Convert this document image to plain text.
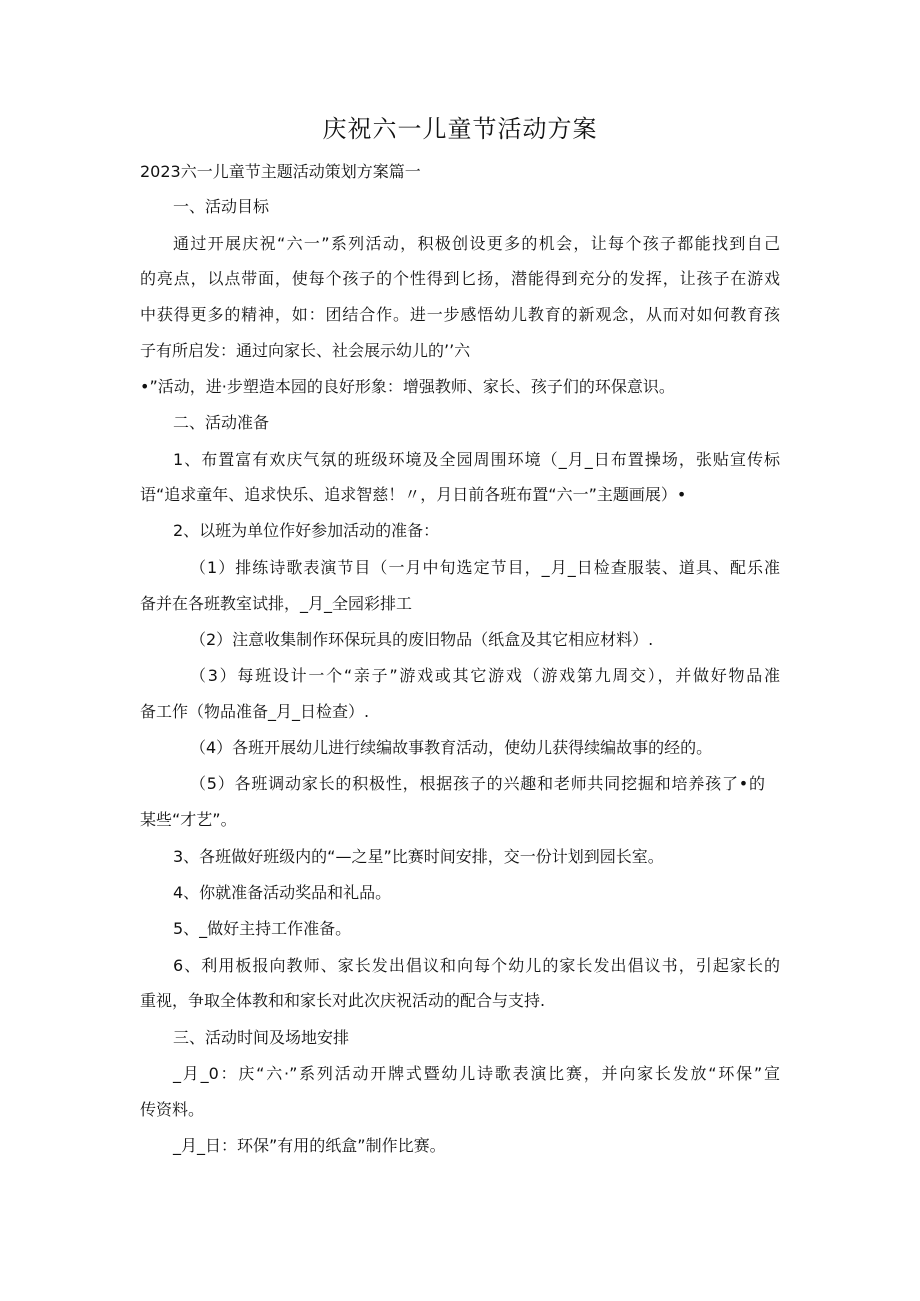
庆祝六一儿童节活动方案
2023六一儿童节主题活动策划方案篇一
一、活动目标
通过开展庆祝“六一”系列活动，积极创设更多的机会，让每个孩子都能找到自己
的亮点，以点带面，使每个孩子的个性得到匕扬，潜能得到充分的发挥，让孩子在游戏
中获得更多的精神，如：团结合作。进一步感悟幼儿教育的新观念，从而对如何教育孩
子有所启发：通过向家长、社会展示幼儿的’’六
•”活动，进·步塑造本园的良好形象：增强教师、家长、孩子们的环保意识。
二、活动准备
1、布置富有欢庆气氛的班级环境及全园周围环境（_月_日布置操场，张贴宣传标
语“追求童年、追求快乐、追求智慈！〃，月日前各班布置“六一”主题画展）•
2、以班为单位作好参加活动的准备：
（1）排练诗歌表演节目（一月中旬选定节目，_月_日检查服装、道具、配乐准
备并在各班教室试排，_月_全园彩排工
（2）注意收集制作环保玩具的废旧物品（纸盒及其它相应材料）.
（3）每班设计一个“亲子”游戏或其它游戏（游戏第九周交），并做好物品准
备工作（物品准备_月_日检查）.
（4）各班开展幼儿进行续编故事教育活动，使幼儿获得续编故事的经的。
（5）各班调动家长的积极性，根据孩子的兴趣和老师共同挖掘和培养孩了•的
某些“才艺”。
3、各班做好班级内的“—之星”比赛时间安排，交一份计划到园长室。
4、你就准备活动奖品和礼品。
5、_做好主持工作准备。
6、利用板报向教师、家长发出倡议和向每个幼儿的家长发出倡议书，引起家长的
重视，争取全体教和和家长对此次庆祝活动的配合与支持.
三、活动时间及场地安排
_月_0：庆“六·”系列活动开牌式暨幼儿诗歌表演比赛，并向家长发放“环保”宣
传资料。
_月_日：环保”有用的纸盒”制作比赛。
